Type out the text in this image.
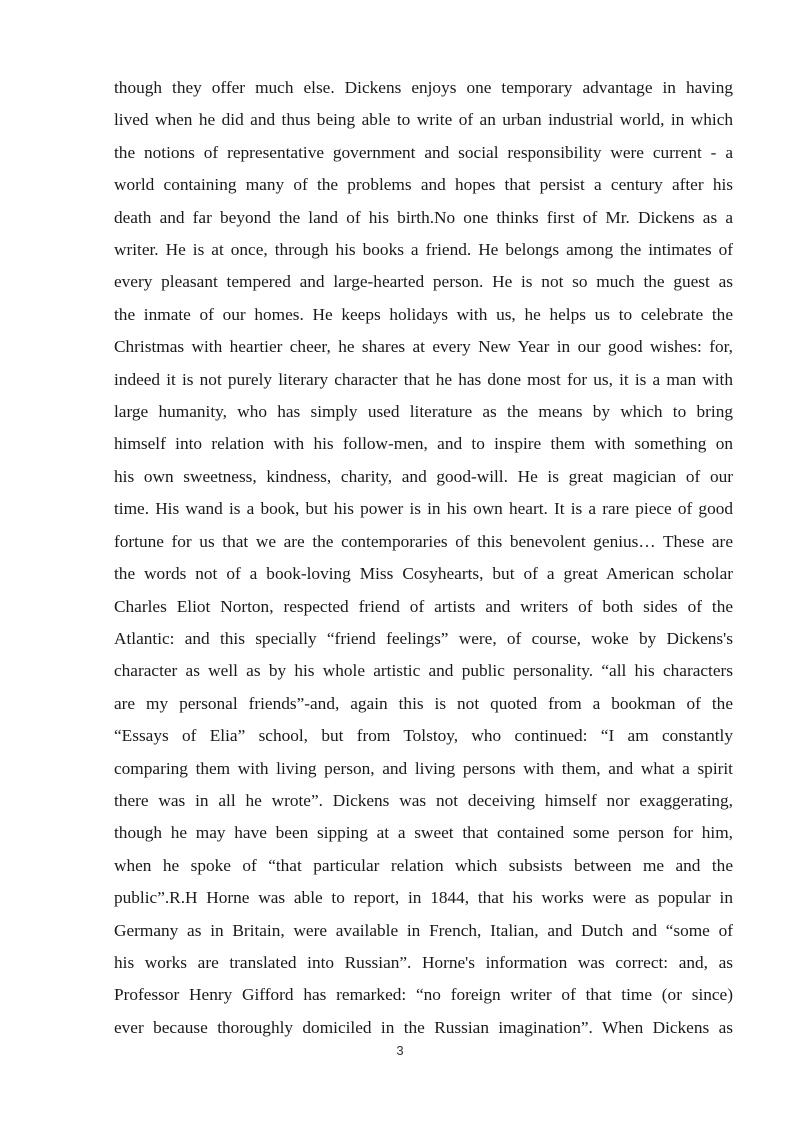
though they offer much else. Dickens enjoys one temporary advantage in having
lived when he did and thus being able to write of an urban industrial world, in which
the notions of representative government and social responsibility were current - a
world containing many of the problems and hopes that persist a century after his
death and far beyond the land of his birth.No one thinks first of Mr. Dickens as a
writer. He is at once, through his books a friend. He belongs among the intimates of
every pleasant tempered and large-hearted person. He is not so much the guest as
the inmate of our homes. He keeps holidays with us, he helps us to celebrate the
Christmas with heartier cheer, he shares at every New Year in our good wishes: for,
indeed it is not purely literary character that he has done most for us, it is a man with
large humanity, who has simply used literature as the means by which to bring
himself into relation with his follow-men, and to inspire them with something on
his own sweetness, kindness, charity, and good-will. He is great magician of our
time. His wand is a book, but his power is in his own heart. It is a rare piece of good
fortune for us that we are the contemporaries of this benevolent genius… These are
the words not of a book-loving Miss Cosyhearts, but of a great American scholar
Charles Eliot Norton, respected friend of artists and writers of both sides of the
Atlantic: and this specially “friend feelings” were, of course, woke by Dickens's
character as well as by his whole artistic and public personality. “all his characters
are my personal friends”-and, again this is not quoted from a bookman of the
“Essays of Elia” school, but from Tolstoy, who continued: “I am constantly
comparing them with living person, and living persons with them, and what a spirit
there was in all he wrote”. Dickens was not deceiving himself nor exaggerating,
though he may have been sipping at a sweet that contained some person for him,
when he spoke of “that particular relation which subsists between me and the
public”.R.H Horne was able to report, in 1844, that his works were as popular in
Germany as in Britain, were available in French, Italian, and Dutch and “some of
his works are translated into Russian”. Horne's information was correct: and, as
Professor Henry Gifford has remarked: “no foreign writer of that time (or since)
ever because thoroughly domiciled in the Russian imagination”. When Dickens as
3
